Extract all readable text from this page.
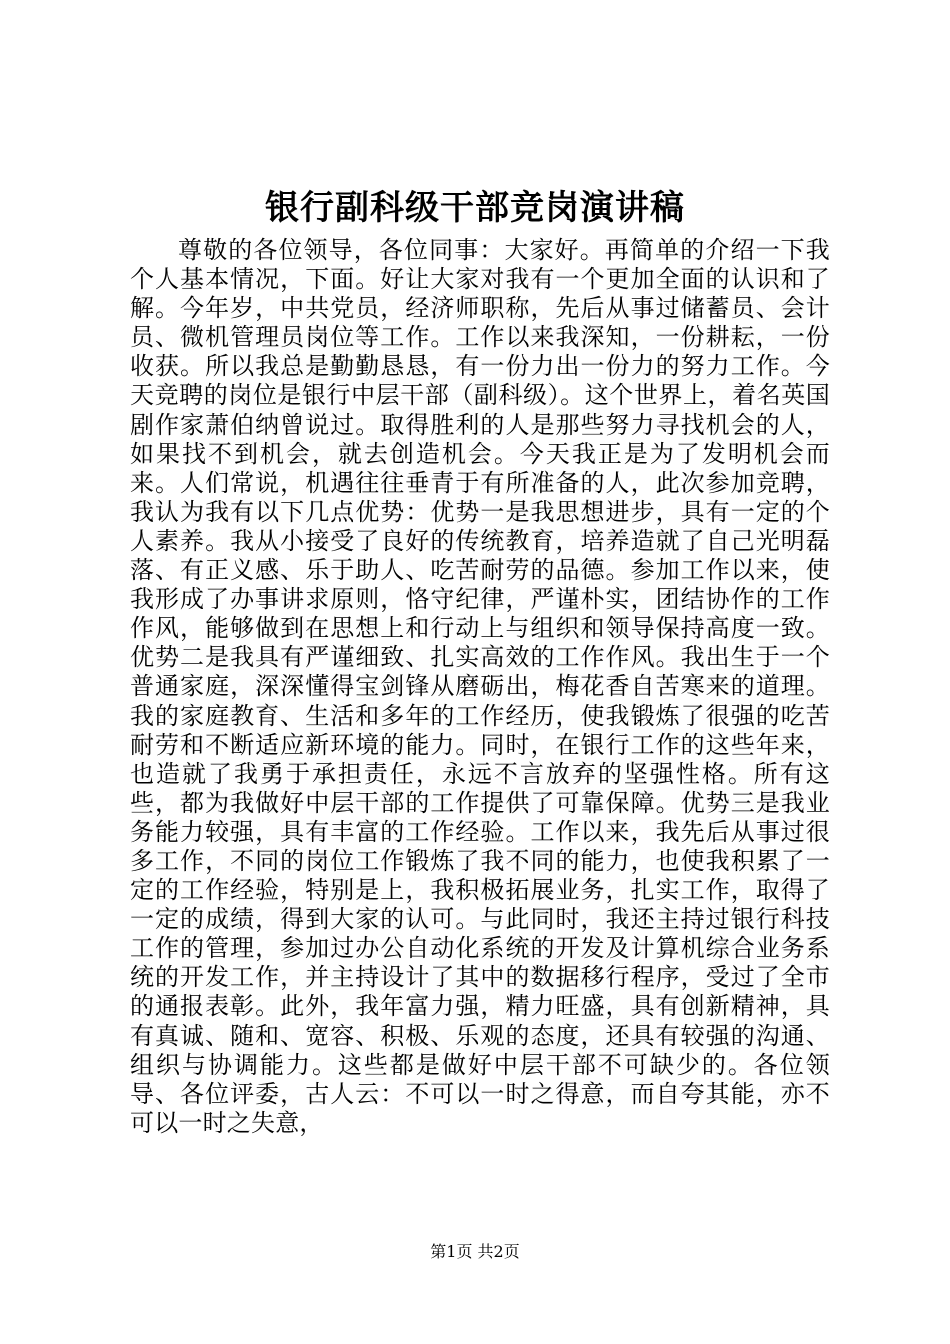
银行副科级干部竞岗演讲稿

尊敬的各位领导，各位同事：大家好。再简单的介绍一下我个人基本情况，下面。好让大家对我有一个更加全面的认识和了解。今年岁，中共党员，经济师职称，先后从事过储蓄员、会计员、微机管理员岗位等工作。工作以来我深知，一份耕耘，一份收获。所以我总是勤勤恳恳，有一份力出一份力的努力工作。今天竞聘的岗位是银行中层干部（副科级）。这个世界上，着名英国剧作家萧伯纳曾说过。取得胜利的人是那些努力寻找机会的人，如果找不到机会，就去创造机会。今天我正是为了发明机会而来。人们常说，机遇往往垂青于有所准备的人，此次参加竞聘，我认为我有以下几点优势：优势一是我思想进步，具有一定的个人素养。我从小接受了良好的传统教育，培养造就了自己光明磊落、有正义感、乐于助人、吃苦耐劳的品德。参加工作以来，使我形成了办事讲求原则，恪守纪律，严谨朴实，团结协作的工作作风，能够做到在思想上和行动上与组织和领导保持高度一致。优势二是我具有严谨细致、扎实高效的工作作风。我出生于一个普通家庭，深深懂得宝剑锋从磨砺出，梅花香自苦寒来的道理。我的家庭教育、生活和多年的工作经历，使我锻炼了很强的吃苦耐劳和不断适应新环境的能力。同时，在银行工作的这些年来，也造就了我勇于承担责任，永远不言放弃的坚强性格。所有这些，都为我做好中层干部的工作提供了可靠保障。优势三是我业务能力较强，具有丰富的工作经验。工作以来，我先后从事过很多工作，不同的岗位工作锻炼了我不同的能力，也使我积累了一定的工作经验，特别是上，我积极拓展业务，扎实工作，取得了一定的成绩，得到大家的认可。与此同时，我还主持过银行科技工作的管理，参加过办公自动化系统的开发及计算机综合业务系统的开发工作，并主持设计了其中的数据移行程序，受过了全市的通报表彰。此外，我年富力强，精力旺盛，具有创新精神，具有真诚、随和、宽容、积极、乐观的态度，还具有较强的沟通、组织与协调能力。这些都是做好中层干部不可缺少的。各位领导、各位评委，古人云：不可以一时之得意，而自夸其能，亦不可以一时之失意，

第1页 共2页
